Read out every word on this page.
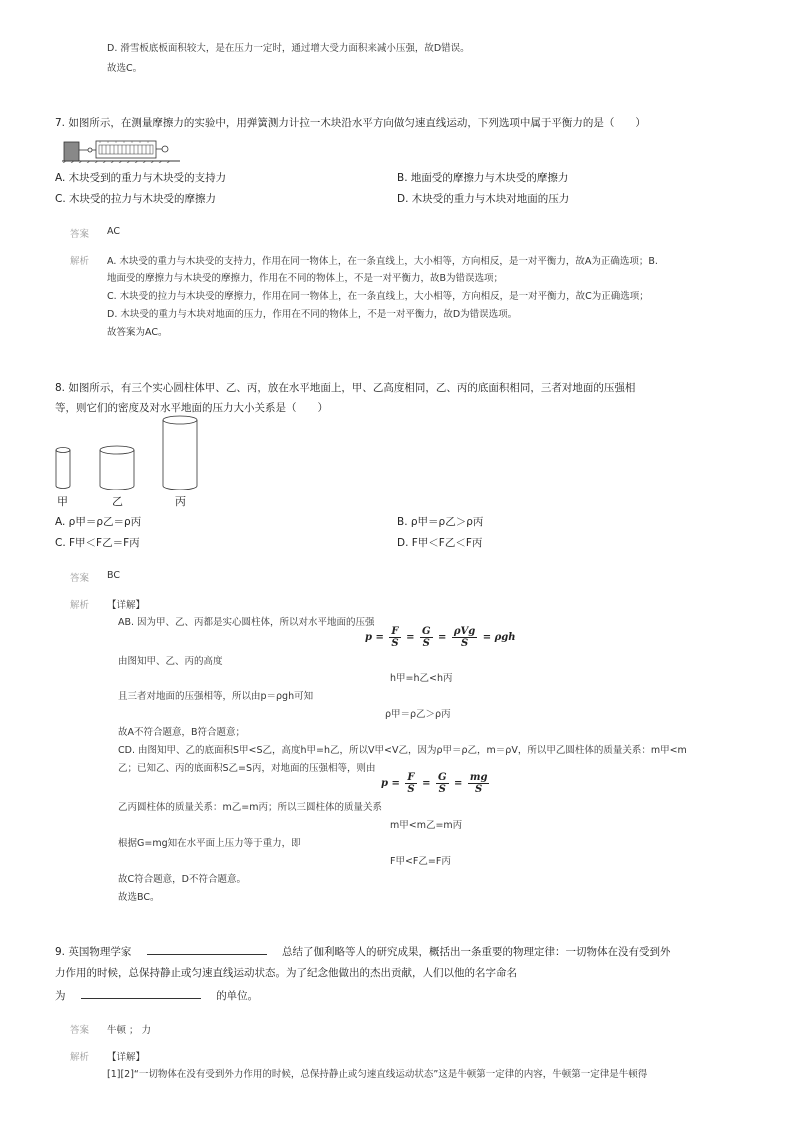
D. 滑雪板底板面积较大，是在压力一定时，通过增大受力面积来减小压强，故D错误。
故选C。
7. 如图所示，在测量摩擦力的实验中，用弹簧测力计拉一木块沿水平方向做匀速直线运动，下列选项中属于平衡力的是（　　）
A. 木块受到的重力与木块受的支持力	B. 地面受的摩擦力与木块受的摩擦力
C. 木块受的拉力与木块受的摩擦力	D. 木块受的重力与木块对地面的压力
答案 AC
解析 A. 木块受的重力与木块受的支持力，作用在同一物体上，在一条直线上，大小相等，方向相反，是一对平衡力，故A为正确选项；B.
地面受的摩擦力与木块受的摩擦力，作用在不同的物体上，不是一对平衡力，故B为错误选项；
C. 木块受的拉力与木块受的摩擦力，作用在同一物体上，在一条直线上，大小相等，方向相反，是一对平衡力，故C为正确选项；
D. 木块受的重力与木块对地面的压力，作用在不同的物体上，不是一对平衡力，故D为错误选项。
故答案为AC。
8. 如图所示，有三个实心圆柱体甲、乙、丙，放在水平地面上，甲、乙高度相同，乙、丙的底面积相同，三者对地面的压强相
等，则它们的密度及对水平地面的压力大小关系是（　　）
甲	乙	丙
A. ρ甲＝ρ乙＝ρ丙	B. ρ甲＝ρ乙＞ρ丙
C. F甲＜F乙＝F丙	D. F甲＜F乙＜F丙
答案 BC
解析 【详解】
AB. 因为甲、乙、丙都是实心圆柱体，所以对水平地面的压强
$p = \frac{F}{S} = \frac{G}{S} = \frac{\text{ρVg}}{S} = \rho gh$
由图知甲、乙、丙的高度
h甲=h乙<h丙
且三者对地面的压强相等，所以由p＝ρgh可知
ρ甲＝ρ乙＞ρ丙
故A不符合题意，B符合题意；
CD. 由图知甲、乙的底面积S甲<S乙，高度h甲=h乙，所以V甲<V乙，因为ρ甲＝ρ乙，m＝ρV，所以甲乙圆柱体的质量关系：m甲<m
乙；已知乙、丙的底面积S乙=S丙，对地面的压强相等，则由
$p = \frac{F}{S} = \frac{G}{S} = \frac{mg}{S}$
乙丙圆柱体的质量关系：m乙=m丙；所以三圆柱体的质量关系
m甲<m乙=m丙
根据G=mg知在水平面上压力等于重力，即
F甲<F乙=F丙
故C符合题意，D不符合题意。
故选BC。
9. 英国物理学家	总结了伽利略等人的研究成果，概括出一条重要的物理定律：一切物体在没有受到外
力作用的时候，总保持静止或匀速直线运动状态。为了纪念他做出的杰出贡献，人们以他的名字命名
为	的单位。
答案 牛顿 ； 力
解析 【详解】
[1][2]“一切物体在没有受到外力作用的时候，总保持静止或匀速直线运动状态”这是牛顿第一定律的内容，牛顿第一定律是牛顿得
